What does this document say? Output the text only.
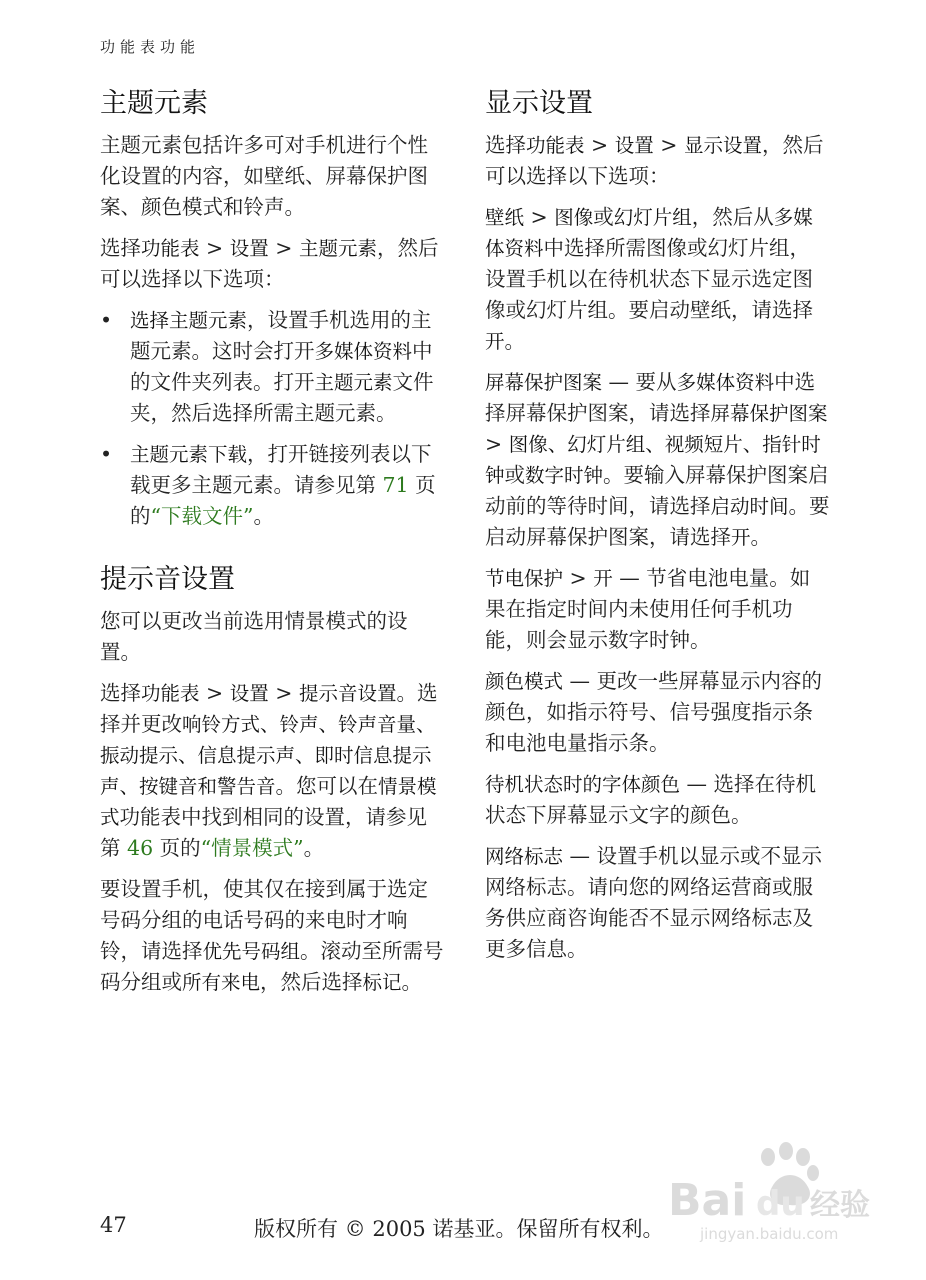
功能表功能
主题元素

主题元素包括许多可对手机进行个性化设置的内容，如壁纸、屏幕保护图案、颜色模式和铃声。

选择功能表 > 设置 > 主题元素，然后可以选择以下选项：

• 选择主题元素，设置手机选用的主题元素。这时会打开多媒体资料中的文件夹列表。打开主题元素文件夹，然后选择所需主题元素。
• 主题元素下载，打开链接列表以下载更多主题元素。请参见第 71 页的“下载文件”。
提示音设置

您可以更改当前选用情景模式的设置。

选择功能表 > 设置 > 提示音设置。选择并更改响铃方式、铃声、铃声音量、振动提示、信息提示声、即时信息提示声、按键音和警告音。您可以在情景模式功能表中找到相同的设置，请参见第 46 页的“情景模式”。

要设置手机，使其仅在接到属于选定号码分组的电话号码的来电时才响铃，请选择优先号码组。滚动至所需号码分组或所有来电，然后选择标记。

显示设置

选择功能表 > 设置 > 显示设置，然后可以选择以下选项：

壁纸 > 图像或幻灯片组，然后从多媒体资料中选择所需图像或幻灯片组，设置手机以在待机状态下显示选定图像或幻灯片组。要启动壁纸，请选择开。

屏幕保护图案 — 要从多媒体资料中选择屏幕保护图案，请选择屏幕保护图案 > 图像、幻灯片组、视频短片、指针时钟或数字时钟。要输入屏幕保护图案启动前的等待时间，请选择启动时间。要启动屏幕保护图案，请选择开。

节电保护 > 开 — 节省电池电量。如果在指定时间内未使用任何手机功能，则会显示数字时钟。

颜色模式 — 更改一些屏幕显示内容的颜色，如指示符号、信号强度指示条和电池电量指示条。

待机状态时的字体颜色 — 选择在待机状态下屏幕显示文字的颜色。

网络标志 — 设置手机以显示或不显示网络标志。请向您的网络运营商或服务供应商咨询能否不显示网络标志及更多信息。

Bai du 经验
jingyan.baidu.com
47	版权所有 © 2005 诺基亚。保留所有权利。
